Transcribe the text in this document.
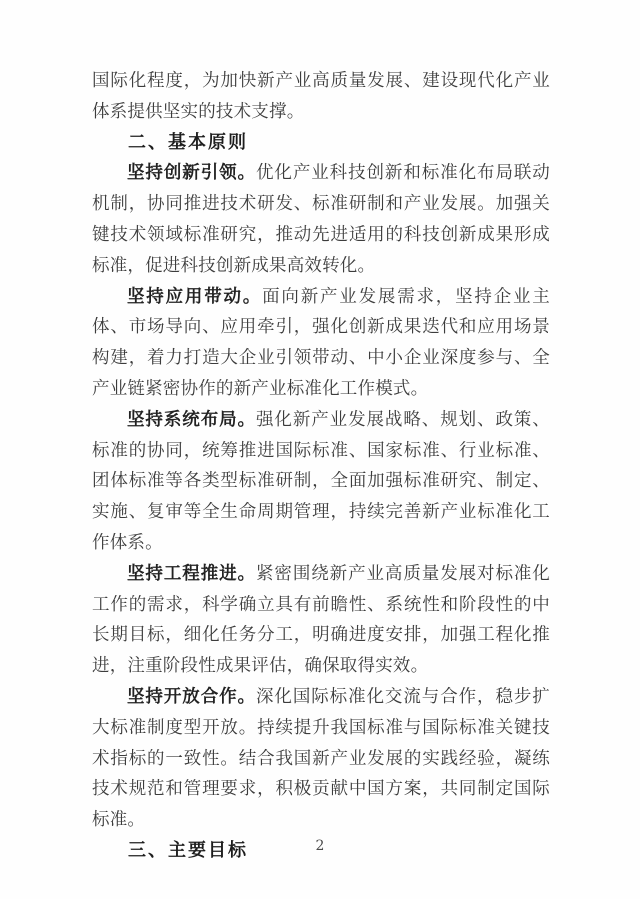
国际化程度，为加快新产业高质量发展、建设现代化产业体系提供坚实的技术支撑。

二、基本原则

坚持创新引领。优化产业科技创新和标准化布局联动机制，协同推进技术研发、标准研制和产业发展。加强关键技术领域标准研究，推动先进适用的科技创新成果形成标准，促进科技创新成果高效转化。

坚持应用带动。面向新产业发展需求，坚持企业主体、市场导向、应用牵引，强化创新成果迭代和应用场景构建，着力打造大企业引领带动、中小企业深度参与、全产业链紧密协作的新产业标准化工作模式。

坚持系统布局。强化新产业发展战略、规划、政策、标准的协同，统筹推进国际标准、国家标准、行业标准、团体标准等各类型标准研制，全面加强标准研究、制定、实施、复审等全生命周期管理，持续完善新产业标准化工作体系。

坚持工程推进。紧密围绕新产业高质量发展对标准化工作的需求，科学确立具有前瞻性、系统性和阶段性的中长期目标，细化任务分工，明确进度安排，加强工程化推进，注重阶段性成果评估，确保取得实效。

坚持开放合作。深化国际标准化交流与合作，稳步扩大标准制度型开放。持续提升我国标准与国际标准关键技术指标的一致性。结合我国新产业发展的实践经验，凝练技术规范和管理要求，积极贡献中国方案，共同制定国际标准。

三、主要目标	2
